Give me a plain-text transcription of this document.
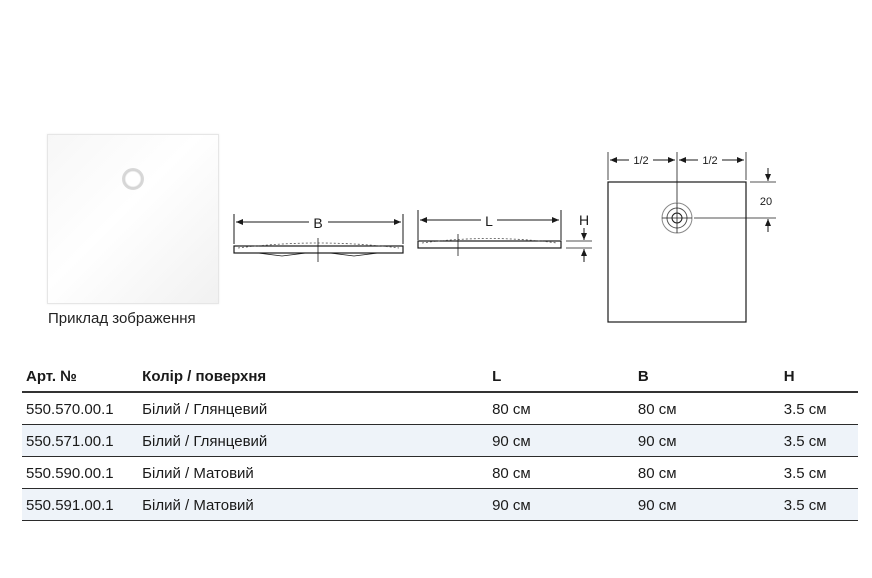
Приклад зображення
B	L	H
1/2	1/2
20
Арт. №	Колір / поверхня	L	B	H
550.570.00.1	Білий / Глянцевий	80 см	80 см	3.5 см
550.571.00.1	Білий / Глянцевий	90 см	90 см	3.5 см
550.590.00.1	Білий / Матовий	80 см	80 см	3.5 см
550.591.00.1	Білий / Матовий	90 см	90 см	3.5 см
